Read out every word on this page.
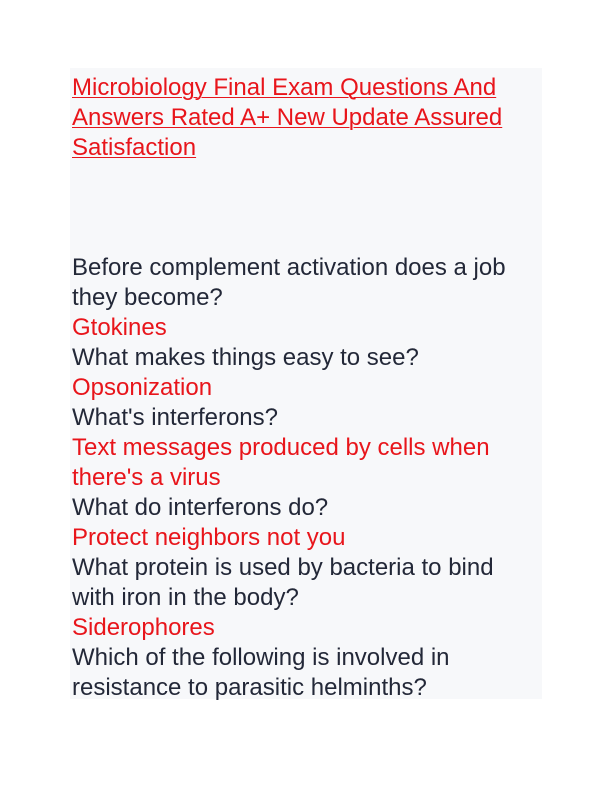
Microbiology Final Exam Questions And Answers Rated A+ New Update Assured Satisfaction
Before complement activation does a job they become?
Gtokines
What makes things easy to see?
Opsonization
What's interferons?
Text messages produced by cells when there's a virus
What do interferons do?
Protect neighbors not you
What protein is used by bacteria to bind with iron in the body?
Siderophores
Which of the following is involved in resistance to parasitic helminths?
